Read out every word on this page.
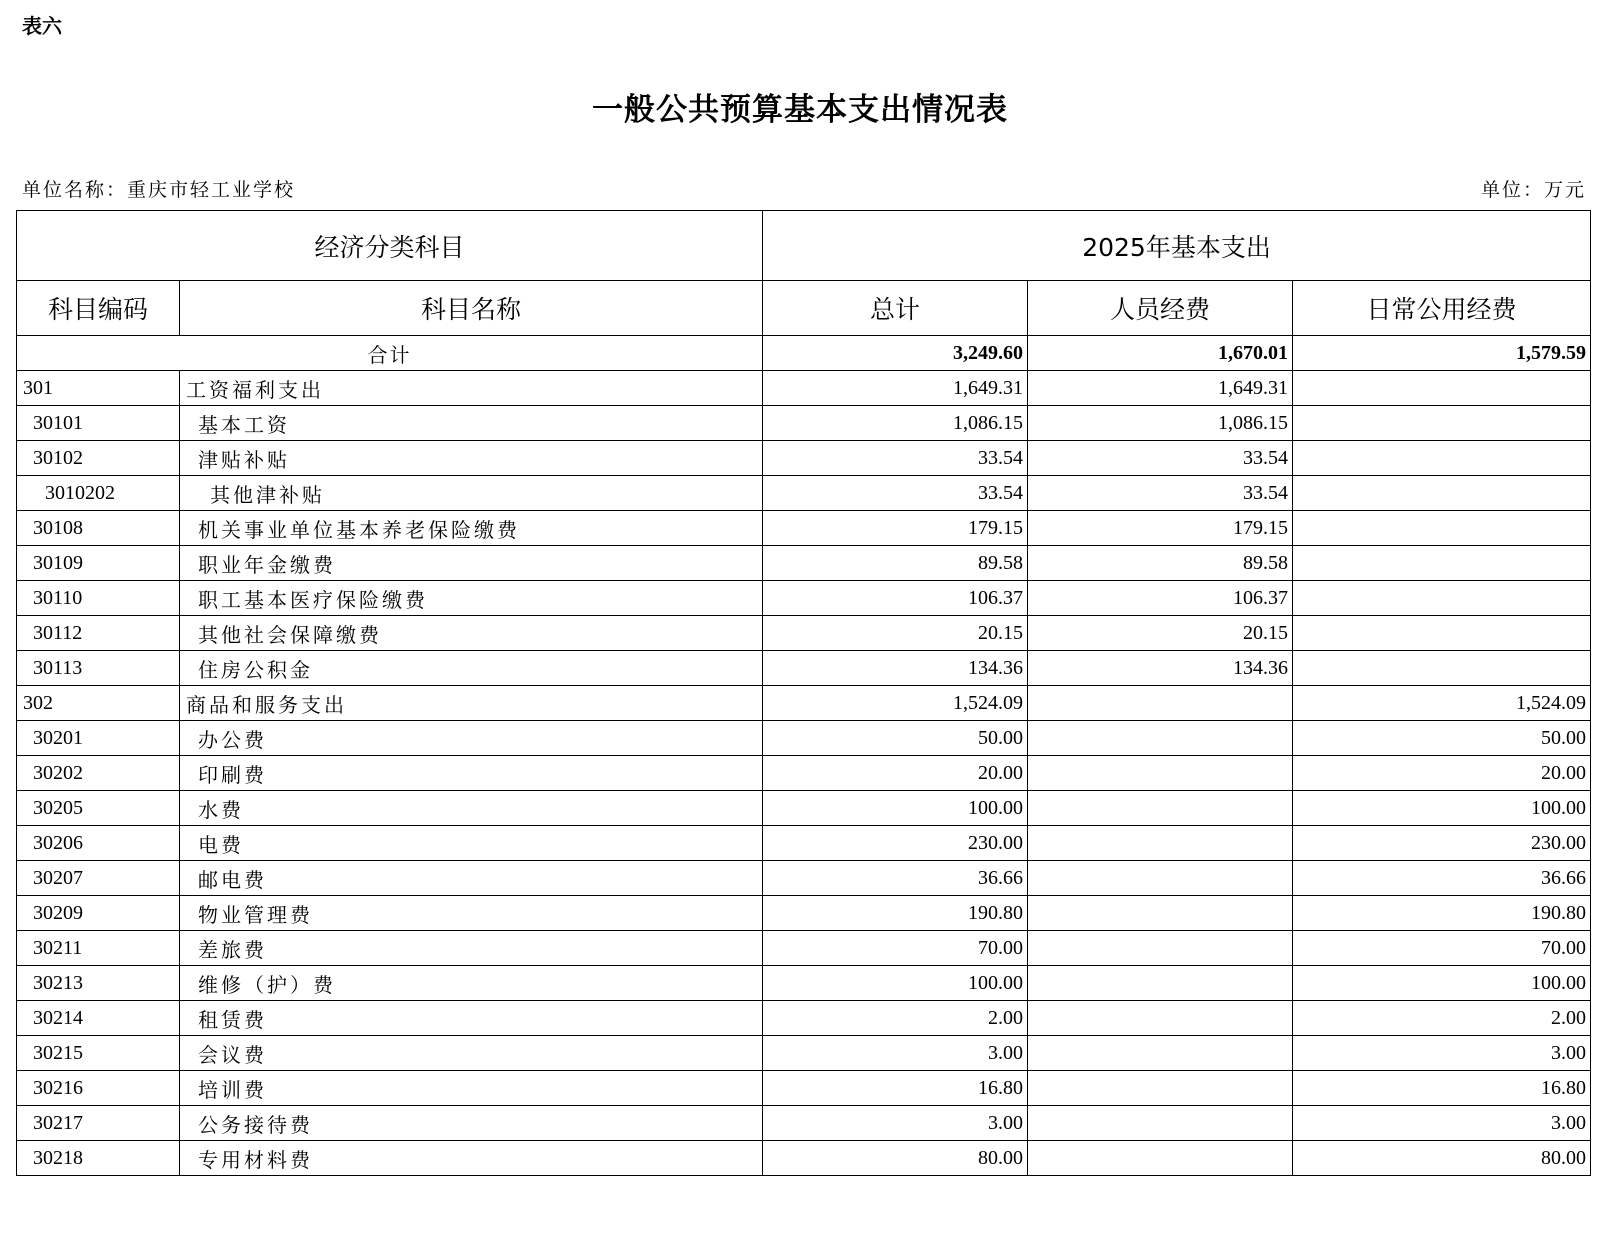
表六
一般公共预算基本支出情况表
单位名称：重庆市轻工业学校	单位：万元
经济分类科目		2025年基本支出		
科目编码	科目名称	总计	人员经费	日常公用经费
合计		3,249.60	1,670.01	1,579.59
301	工资福利支出	1,649.31	1,649.31	
30101	基本工资	1,086.15	1,086.15	
30102	津贴补贴	33.54	33.54	
3010202	其他津补贴	33.54	33.54	
30108	机关事业单位基本养老保险缴费	179.15	179.15	
30109	职业年金缴费	89.58	89.58	
30110	职工基本医疗保险缴费	106.37	106.37	
30112	其他社会保障缴费	20.15	20.15	
30113	住房公积金	134.36	134.36	
302	商品和服务支出	1,524.09		1,524.09
30201	办公费	50.00		50.00
30202	印刷费	20.00		20.00
30205	水费	100.00		100.00
30206	电费	230.00		230.00
30207	邮电费	36.66		36.66
30209	物业管理费	190.80		190.80
30211	差旅费	70.00		70.00
30213	维修（护）费	100.00		100.00
30214	租赁费	2.00		2.00
30215	会议费	3.00		3.00
30216	培训费	16.80		16.80
30217	公务接待费	3.00		3.00
30218	专用材料费	80.00		80.00
